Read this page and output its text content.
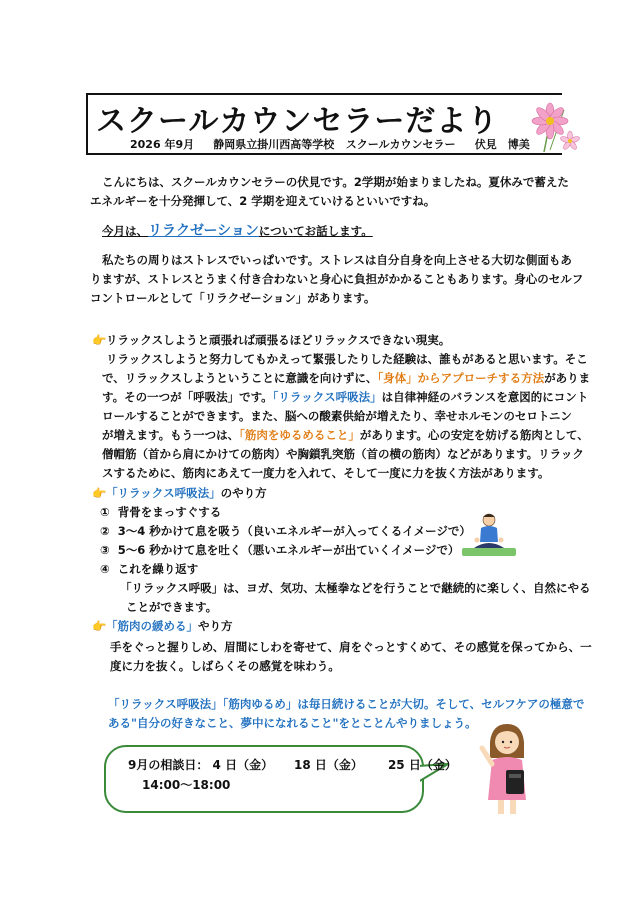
スクールカウンセラーだより
2026 年9月 静岡県立掛川西高等学校 スクールカウンセラー 伏見　博美
こんにちは、スクールカウンセラーの伏見です。2学期が始まりましたね。夏休みで蓄えた
エネルギーを十分発揮して、2 学期を迎えていけるといいですね。
今月は、リラクゼーションについてお話します。
私たちの周りはストレスでいっぱいです。ストレスは自分自身を向上させる大切な側面もあ
りますが、ストレスとうまく付き合わないと身心に負担がかかることもあります。身心のセルフ
コントロールとして「リラクゼーション」があります。
👉リラックスしようと頑張れば頑張るほどリラックスできない現実。
リラックスしようと努力してもかえって緊張したりした経験は、誰もがあると思います。そこ
で、リラックスしようということに意識を向けずに、「身体」からアプローチする方法がありま
す。その一つが「呼吸法」です。「リラックス呼吸法」は自律神経のバランスを意図的にコント
ロールすることができます。また、脳への酸素供給が増えたり、幸せホルモンのセロトニン
が増えます。もう一つは、「筋肉をゆるめること」があります。心の安定を妨げる筋肉として、
僧帽筋（首から肩にかけての筋肉）や胸鎖乳突筋（首の横の筋肉）などがあります。リラック
スするために、筋肉にあえて一度力を入れて、そして一度に力を抜く方法があります。
👉「リラックス呼吸法」のやり方
① 背骨をまっすぐする
② 3～4 秒かけて息を吸う（良いエネルギーが入ってくるイメージで）
③ 5～6 秒かけて息を吐く（悪いエネルギーが出ていくイメージで）
④ これを繰り返す
「リラックス呼吸」は、ヨガ、気功、太極拳などを行うことで継続的に楽しく、自然にやる
ことができます。
👉「筋肉の緩める」やり方
手をぐっと握りしめ、眉間にしわを寄せて、肩をぐっとすくめて、その感覚を保ってから、一
度に力を抜く。しばらくその感覚を味わう。
「リラックス呼吸法」「筋肉ゆるめ」は毎日続けることが大切。そして、セルフケアの極意で
ある"自分の好きなこと、夢中になれること"をとことんやりましょう。
9月の相談日： 4 日（金） 18 日（金） 25 日（金）
14:00～18:00
